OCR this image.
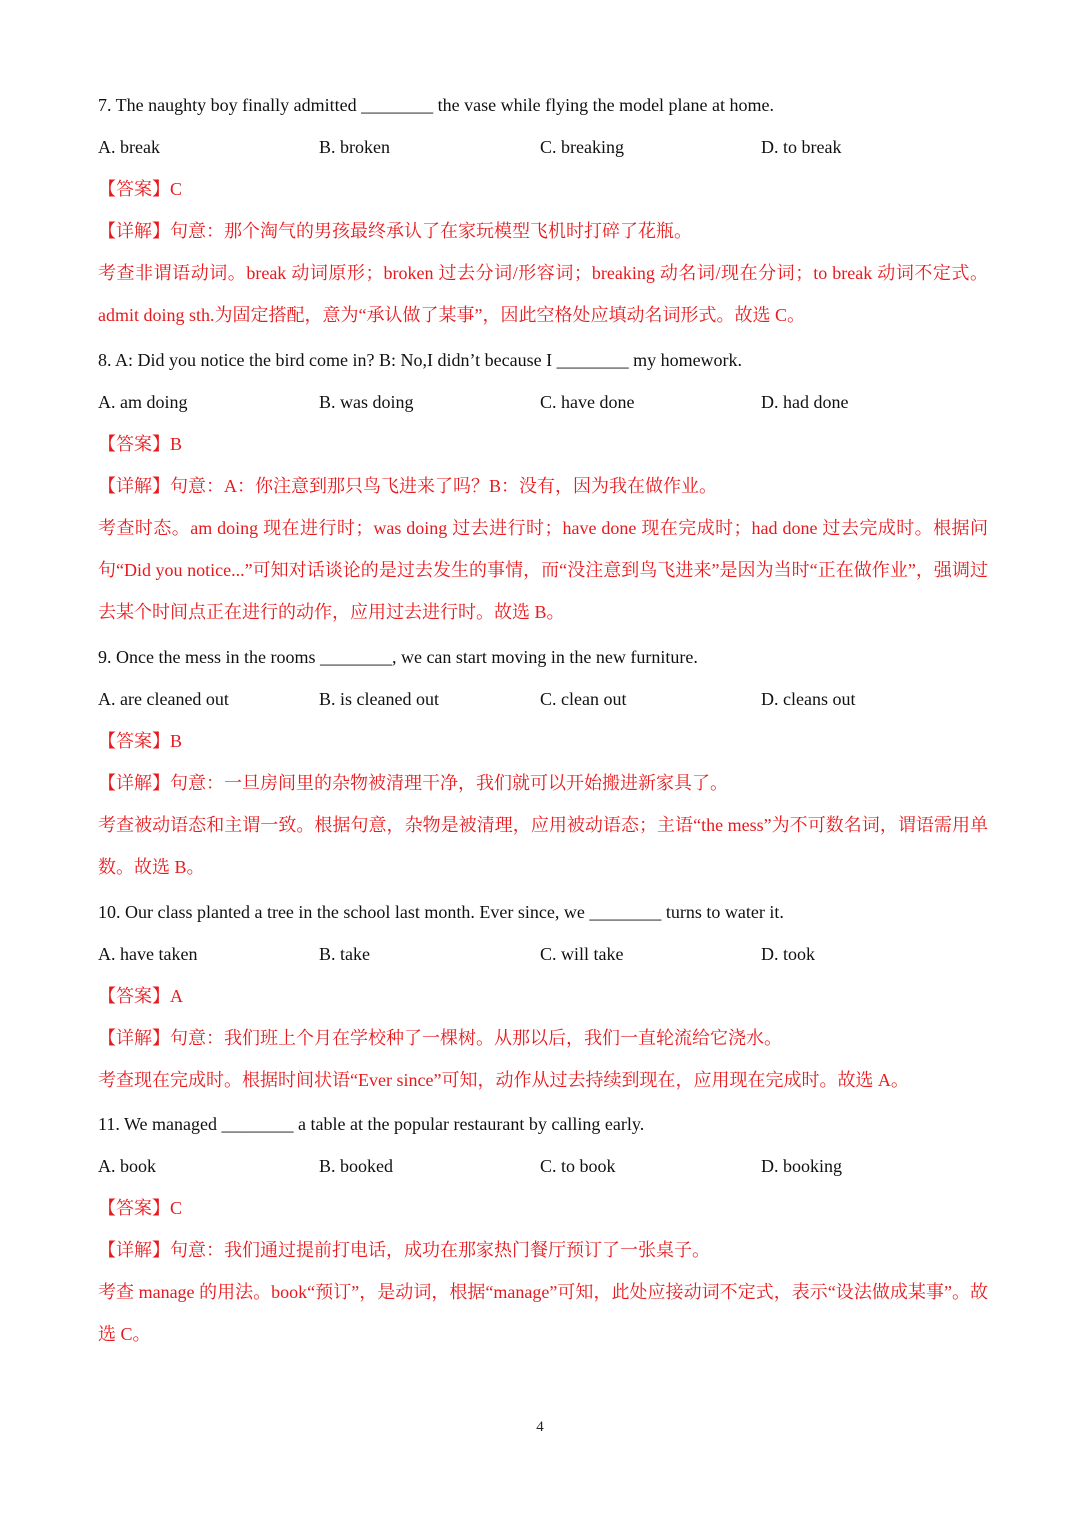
7. The naughty boy finally admitted ________ the vase while flying the model plane at home.
A. break	B. broken	C. breaking	D. to break
【答案】C
【详解】句意：那个淘气的男孩最终承认了在家玩模型飞机时打碎了花瓶。
考查非谓语动词。break 动词原形；broken 过去分词/形容词；breaking 动名词/现在分词；to break 动词不定式。admit doing sth.为固定搭配，意为“承认做了某事”，因此空格处应填动名词形式。故选 C。
8. A: Did you notice the bird come in? B: No,I didn’t because I ________ my homework.
A. am doing	B. was doing	C. have done	D. had done
【答案】B
【详解】句意：A：你注意到那只鸟飞进来了吗？B：没有，因为我在做作业。
考查时态。am doing 现在进行时；was doing 过去进行时；have done 现在完成时；had done 过去完成时。根据问句“Did you notice...”可知对话谈论的是过去发生的事情，而“没注意到鸟飞进来”是因为当时“正在做作业”，强调过去某个时间点正在进行的动作，应用过去进行时。故选 B。
9. Once the mess in the rooms ________, we can start moving in the new furniture.
A. are cleaned out	B. is cleaned out	C. clean out	D. cleans out
【答案】B
【详解】句意：一旦房间里的杂物被清理干净，我们就可以开始搬进新家具了。
考查被动语态和主谓一致。根据句意，杂物是被清理，应用被动语态；主语“the mess”为不可数名词，谓语需用单数。故选 B。
10. Our class planted a tree in the school last month. Ever since, we ________ turns to water it.
A. have taken	B. take	C. will take	D. took
【答案】A
【详解】句意：我们班上个月在学校种了一棵树。从那以后，我们一直轮流给它浇水。
考查现在完成时。根据时间状语“Ever since”可知，动作从过去持续到现在，应用现在完成时。故选 A。
11. We managed ________ a table at the popular restaurant by calling early.
A. book	B. booked	C. to book	D. booking
【答案】C
【详解】句意：我们通过提前打电话，成功在那家热门餐厅预订了一张桌子。
考查 manage 的用法。book“预订”，是动词，根据“manage”可知，此处应接动词不定式，表示“设法做成某事”。故选 C。
4
